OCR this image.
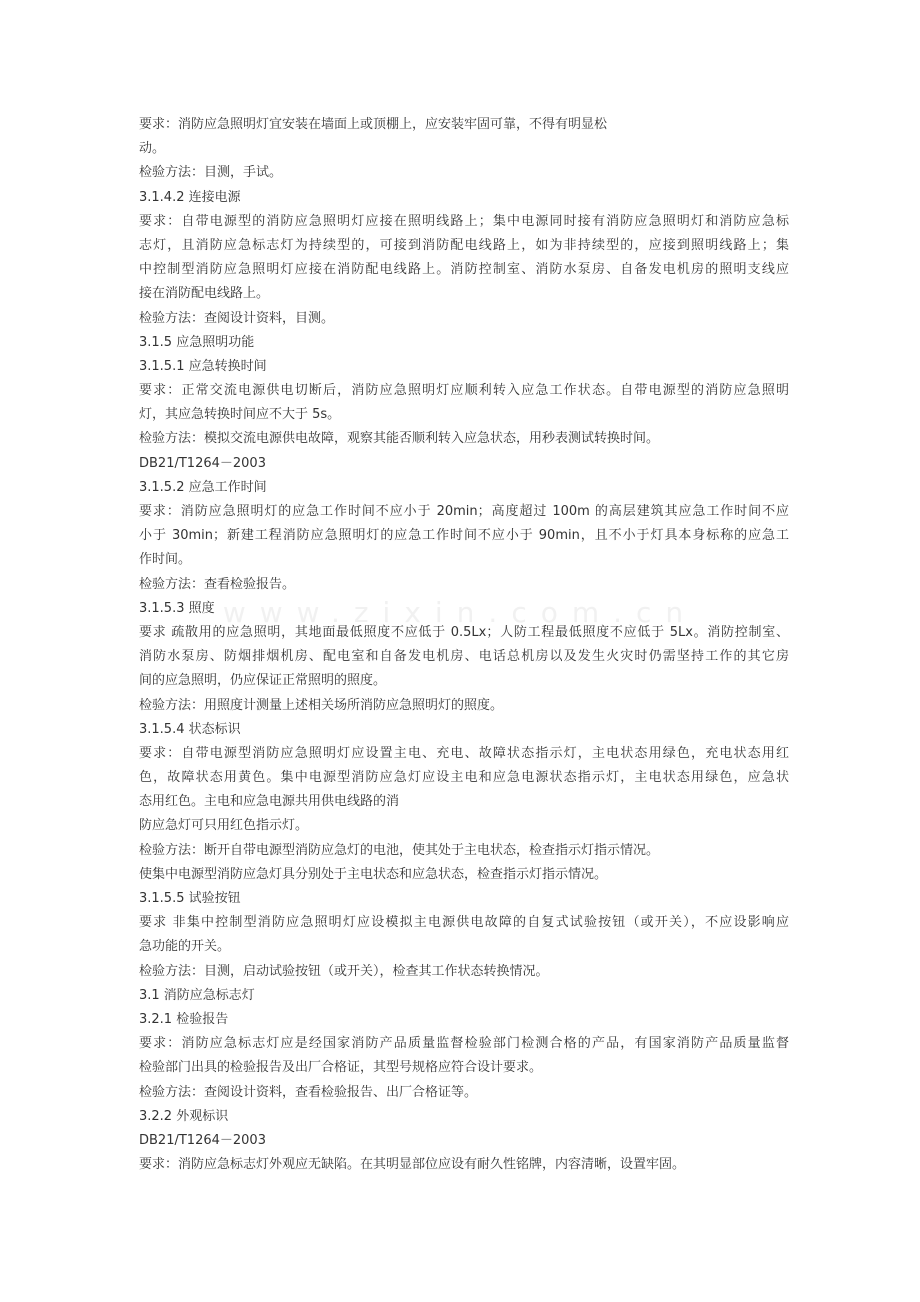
www.zixin.com.cn
要求：消防应急照明灯宜安装在墙面上或顶棚上，应安装牢固可靠，不得有明显松
动。
检验方法：目测，手试。
3.1.4.2 连接电源
要求：自带电源型的消防应急照明灯应接在照明线路上；集中电源同时接有消防应急照明灯和消防应急标
志灯，且消防应急标志灯为持续型的，可接到消防配电线路上，如为非持续型的，应接到照明线路上；集
中控制型消防应急照明灯应接在消防配电线路上。消防控制室、消防水泵房、自备发电机房的照明支线应
接在消防配电线路上。
检验方法：查阅设计资料，目测。
3.1.5 应急照明功能
3.1.5.1 应急转换时间
要求：正常交流电源供电切断后，消防应急照明灯应顺利转入应急工作状态。自带电源型的消防应急照明
灯，其应急转换时间应不大于 5s。
检验方法：模拟交流电源供电故障，观察其能否顺利转入应急状态，用秒表测试转换时间。
DB21/T1264－2003
3.1.5.2 应急工作时间
要求：消防应急照明灯的应急工作时间不应小于 20min；高度超过 100m 的高层建筑其应急工作时间不应
小于 30min；新建工程消防应急照明灯的应急工作时间不应小于 90min，且不小于灯具本身标称的应急工
作时间。
检验方法：查看检验报告。
3.1.5.3 照度
要求 疏散用的应急照明，其地面最低照度不应低于 0.5Lx；人防工程最低照度不应低于 5Lx。消防控制室、
消防水泵房、防烟排烟机房、配电室和自备发电机房、电话总机房以及发生火灾时仍需坚持工作的其它房
间的应急照明，仍应保证正常照明的照度。
检验方法：用照度计测量上述相关场所消防应急照明灯的照度。
3.1.5.4 状态标识
要求：自带电源型消防应急照明灯应设置主电、充电、故障状态指示灯，主电状态用绿色，充电状态用红
色，故障状态用黄色。集中电源型消防应急灯应设主电和应急电源状态指示灯，主电状态用绿色，应急状
态用红色。主电和应急电源共用供电线路的消
防应急灯可只用红色指示灯。
检验方法：断开自带电源型消防应急灯的电池，使其处于主电状态，检查指示灯指示情况。
使集中电源型消防应急灯具分别处于主电状态和应急状态，检查指示灯指示情况。
3.1.5.5 试验按钮
要求 非集中控制型消防应急照明灯应设模拟主电源供电故障的自复式试验按钮（或开关），不应设影响应
急功能的开关。
检验方法：目测，启动试验按钮（或开关），检查其工作状态转换情况。
3.1 消防应急标志灯
3.2.1 检验报告
要求：消防应急标志灯应是经国家消防产品质量监督检验部门检测合格的产品，有国家消防产品质量监督
检验部门出具的检验报告及出厂合格证，其型号规格应符合设计要求。
检验方法：查阅设计资料，查看检验报告、出厂合格证等。
3.2.2 外观标识
DB21/T1264－2003
要求：消防应急标志灯外观应无缺陷。在其明显部位应设有耐久性铭牌，内容清晰，设置牢固。
